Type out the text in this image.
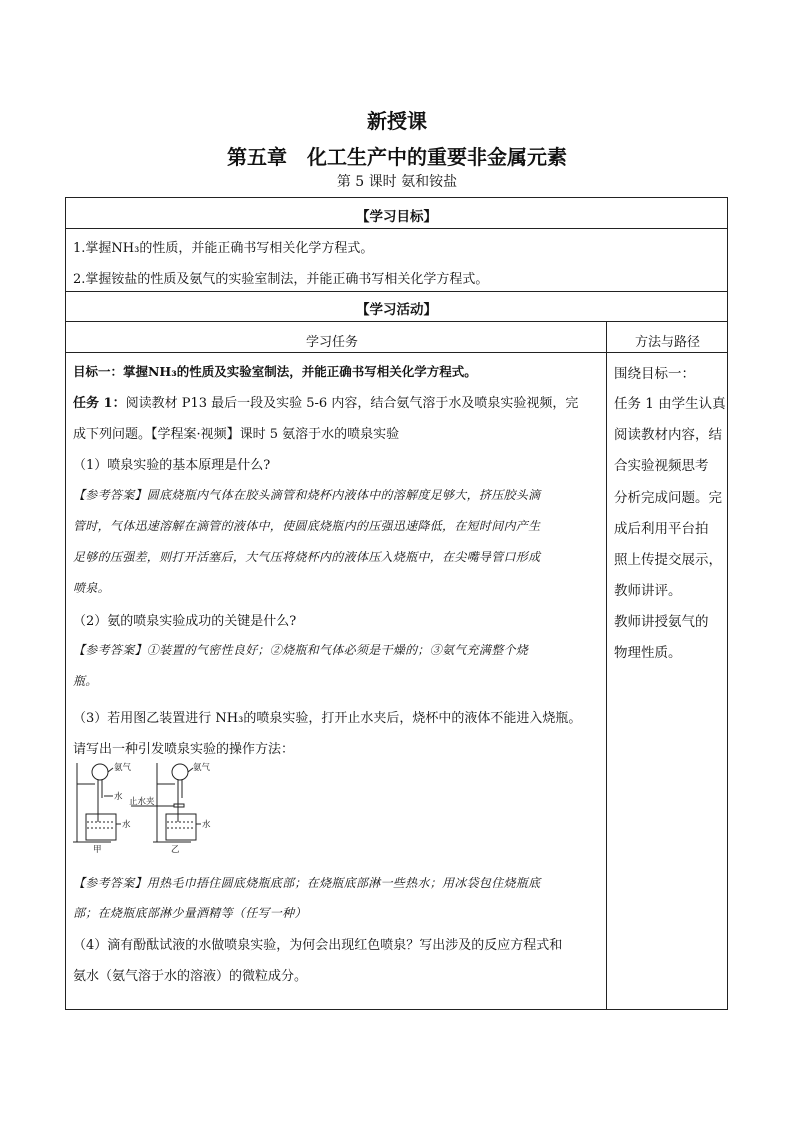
新授课
第五章　化工生产中的重要非金属元素
第 5 课时 氨和铵盐
【学习目标】
1.掌握NH₃的性质，并能正确书写相关化学方程式。
2.掌握铵盐的性质及氨气的实验室制法，并能正确书写相关化学方程式。
【学习活动】
学习任务	方法与路径
目标一：掌握NH₃的性质及实验室制法，并能正确书写相关化学方程式。
任务 1：阅读教材 P13 最后一段及实验 5-6 内容，结合氨气溶于水及喷泉实验视频，完
成下列问题。【学程案·视频】课时 5 氨溶于水的喷泉实验
（1）喷泉实验的基本原理是什么?
【参考答案】圆底烧瓶内气体在胶头滴管和烧杯内液体中的溶解度足够大，挤压胶头滴
管时，气体迅速溶解在滴管的液体中，使圆底烧瓶内的压强迅速降低，在短时间内产生
足够的压强差，则打开活塞后，大气压将烧杯内的液体压入烧瓶中，在尖嘴导管口形成
喷泉。
（2）氨的喷泉实验成功的关键是什么?
【参考答案】①装置的气密性良好；②烧瓶和气体必须是干燥的；③氨气充满整个烧
瓶。
（3）若用图乙装置进行 NH₃的喷泉实验，打开止水夹后，烧杯中的液体不能进入烧瓶。
请写出一种引发喷泉实验的操作方法：
氨气	氨气
水 止水夹
水	水
甲	乙
【参考答案】用热毛巾捂住圆底烧瓶底部；在烧瓶底部淋一些热水；用冰袋包住烧瓶底
部；在烧瓶底部淋少量酒精等（任写一种）
（4）滴有酚酞试液的水做喷泉实验，为何会出现红色喷泉？写出涉及的反应方程式和
氨水（氨气溶于水的溶液）的微粒成分。
围绕目标一：
任务 1 由学生认真
阅读教材内容，结
合实验视频思考
分析完成问题。完
成后利用平台拍
照上传提交展示，
教师讲评。
教师讲授氨气的
物理性质。
